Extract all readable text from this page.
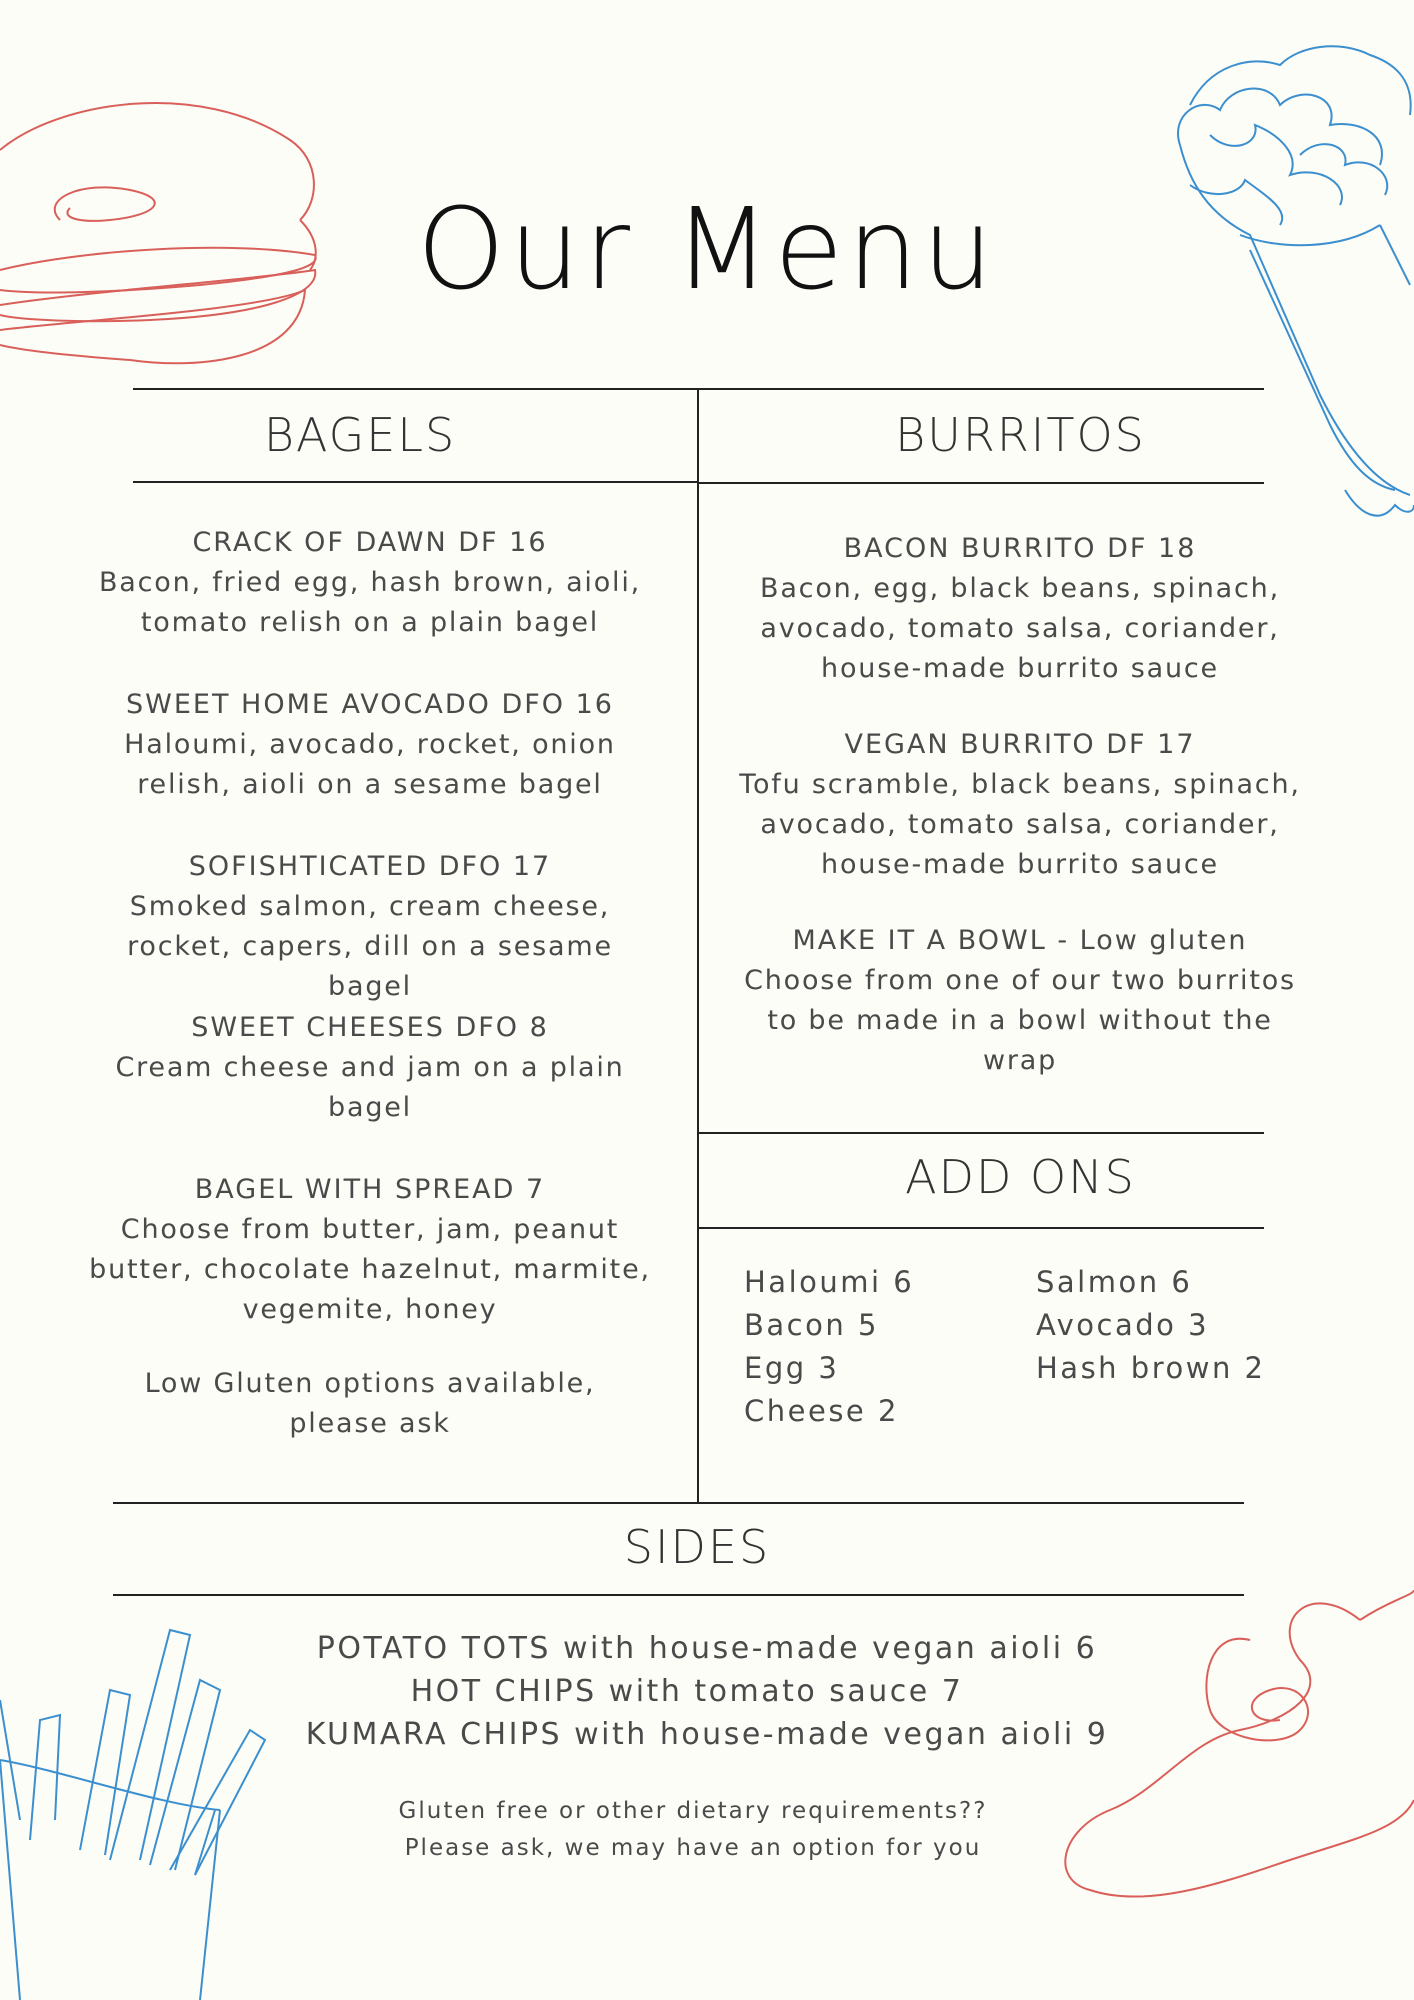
Our Menu
BAGELS	BURRITOS
ADD ONS
SIDES
CRACK OF DAWN DF 16
Bacon, fried egg, hash brown, aioli,
tomato relish on a plain bagel
SWEET HOME AVOCADO DFO 16
Haloumi, avocado, rocket, onion
relish, aioli on a sesame bagel
SOFISHTICATED DFO 17
Smoked salmon, cream cheese,
rocket, capers, dill on a sesame bagel
SWEET CHEESES DFO 8
Cream cheese and jam on a plain
bagel
BAGEL WITH SPREAD 7
Choose from butter, jam, peanut
butter, chocolate hazelnut, marmite,
vegemite, honey
Low Gluten options available,
please ask
BACON BURRITO DF 18
Bacon, egg, black beans, spinach,
avocado, tomato salsa, coriander,
house-made burrito sauce
VEGAN BURRITO DF 17
Tofu scramble, black beans, spinach,
avocado, tomato salsa, coriander,
house-made burrito sauce
MAKE IT A BOWL - Low gluten
Choose from one of our two burritos
to be made in a bowl without the
wrap
Haloumi 6
Bacon 5
Egg 3
Cheese 2
Salmon 6
Avocado 3
Hash brown 2
POTATO TOTS with house-made vegan aioli 6
HOT CHIPS with tomato sauce 7
KUMARA CHIPS with house-made vegan aioli 9
Gluten free or other dietary requirements??
Please ask, we may have an option for you
